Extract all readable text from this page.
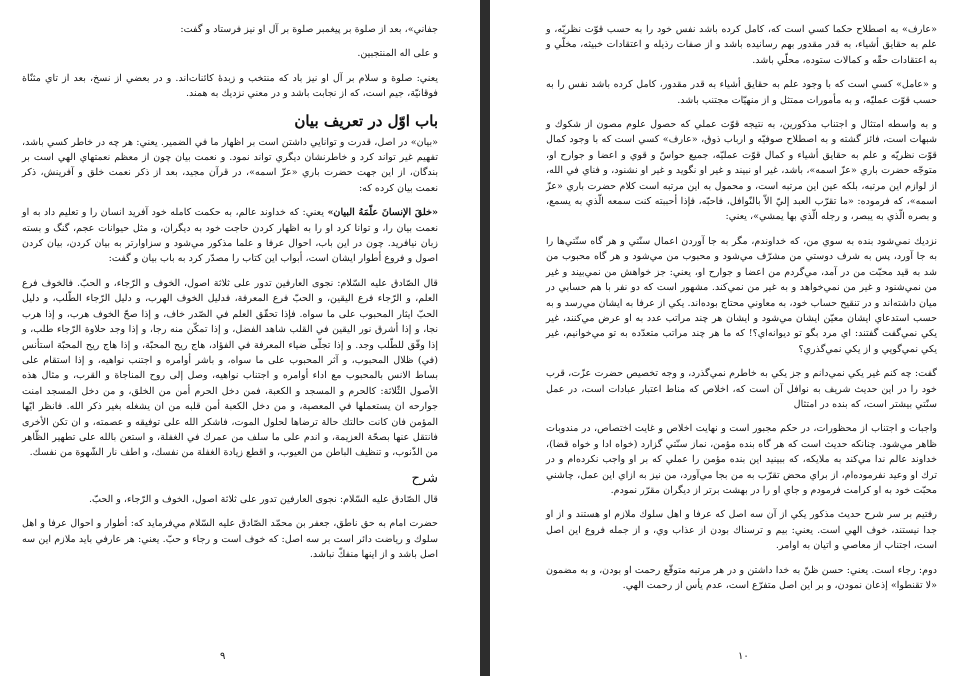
جفاني»، بعد از صلوة بر پيغمبر صلوة بر آل او نيز فرستاد و گفت:

و على اله المنتجبين.

يعني: صلوة و سلام بر آل او نيز باد كه منتخب و زبدهٔ كائنات‌اند. و در بعضي از نسخ، بعد از تاي مثنّاة فوقانيّة، جيم است، كه از نجابت باشد و در معني نزديك به همند.

باب اوّل در تعريف بيان

«بيان» در اصل، قدرت و توانايي داشتن است بر اظهار ما في الضمير. يعني: هر چه در خاطر كسي باشد، تفهيم غير تواند كرد و خاطرنشان ديگري تواند نمود. و نعمت بيان چون از معظم نعمتهاي الهي است بر بندگان، از اين جهت حضرت باري «عزّ اسمه»، در قرآن مجيد، بعد از ذكر نعمت خلق و آفرينش، ذكر نعمت بيان كرده كه:

«خلقَ الإنسانَ علّمَهُ البيان» يعني: كه خداوند عالم، به حكمت كامله خود آفريد انسان را و تعليم داد به او نعمت بيان را، و توانا كرد او را به اظهار كردن حاجت خود به ديگران، و مثل حيوانات عجم، گنگ و بسته زبان نيافريد. چون در اين باب، احوال عرفا و علما مذكور مي‌شود و سزاوارتر به بيان كردن، بيان كردن اصول و فروع أطوار ايشان است، أبواب اين كتاب را مصدّر كرد به باب بيان و گفت:

قال الصّادق عليه السّلام: نجوى العارفين تدور على ثلاثة اصول، الخوف و الرّجاء، و الحبّ. فالخوف فرع العلم، و الرّجاء فرع اليقين، و الحبّ فرع المعرفة، فدليل الخوف الهرب، و دليل الرّجاء الطّلب، و دليل الحبّ ايثار المحبوب على ما سواه. فإذا تحقّق العلم في الصّدر خاف، و إذا صحّ الخوف هرب، و إذا هرب نجا، و إذا أشرق نور اليقين في القلب شاهد الفضل، و إذا تمكّن منه رجا، و إذا وجد حلاوة الرّجاء طلب، و إذا وفّق للطّلب وجد. و إذا تجلّى ضياء المعرفة في الفؤاد، هاج ريح المحبّة، و إذا هاج ريح المحبّة استأنس (في) ظلال المحبوب، و آثر المحبوب على ما سواه، و باشر أوامره و اجتنب نواهيه، و إذا استقام على بساط الانس بالمحبوب مع اداء أوامره و اجتناب نواهيه، وصل إلى روح المناجاة و القرب، و مثال هذه الأصول الثّلاثة: كالحرم و المسجد و الكعبة، فمن دخل الحرم أمن من الخلق، و من دخل المسجد امنت جوارحه ان يستعملها في المعصية، و من دخل الكعبة أمن قلبه من ان يشغله بغير ذكر الله. فانظر ايّها المؤمن فان كانت حالتك حالة ترضاها لحلول الموت، فاشكر الله على توفيقه و عصمته، و ان تكن الأخرى فانتقل عنها بصحّة العزيمة، و اندم على ما سلف من عمرك في الغفلة، و استعن بالله على تطهير الظّاهر من الذّنوب، و تنظيف الباطن من العيوب، و اقطع زيادة الغفلة من نفسك، و اطف نار الشّهوة من نفسك.

شرح

قال الصّادق عليه السّلام: نجوى العارفين تدور على ثلاثة اصول، الخوف و الرّجاء، و الحبّ.

حضرت امام به حق ناطق، جعفر بن محمّد الصّادق عليه السّلام مي‌فرمايد كه: أطوار و احوال عرفا و اهل سلوك و رياضت دائر است بر سه اصل: كه خوف است و رجاء و حبّ. يعني: هر عارفي بايد ملازم اين سه اصل باشد و از اينها منفكّ نباشد.

۹

«عارف» به اصطلاح حكما كسي است كه، كامل كرده باشد نفس خود را به حسب قوّت نظريّه، و علم به حقايق أشياء، به قدر مقدور بهم رسانيده باشد و از صفات رذيله و اعتقادات خبيثه، مخلّي و به اعتقادات حقّه و كمالات ستوده، محلّي باشد.

و «عامل» كسي است كه با وجود علم به حقايق أشياء به قدر مقدور، كامل كرده باشد نفس را به حسب قوّت عمليّه، و به مأمورات ممتثل و از منهيّات مجتنب باشد.

و به واسطه امتثال و اجتناب مذكورين، به نتيجه قوّت عملي كه حصول علوم مصون از شكوك و شبهات است، فائز گشته و به اصطلاح صوفيّه و ارباب ذوق، «عارف» كسي است كه با وجود كمال قوّت نظريّه و علم به حقايق أشياء و كمال قوّت عمليّه، جميع حواسّ و قوي و اعضا و جوارح او، متوجّه حضرت باري «عزّ اسمه»، باشد، غير او نبيند و غير او نگويد و غير او نشنود، و فناي في الله، از لوازم اين مرتبه، بلكه عين اين مرتبه است، و محمول به اين مرتبه است كلام حضرت باري «عزّ اسمه»، كه فرموده: «ما تقرّب العبد إليّ الاّ بالنّوافل، فاحبّه، فإذا أحببته كنت سمعه الّذي به يسمع، و بصره الّذي به يبصر، و رجله الّذي بها يمشي»، يعني:

نزديك نمي‌شود بنده به سوي من، كه خداوندم، مگر به جا آوردن اعمال سنّتي و هر گاه سنّتي‌ها را به جا آورد، پس به شرف دوستي من مشرّف مي‌شود و محبوب من مي‌شود و هر گاه محبوب من شد به قيد محبّت من در آمد، مي‌گردم من اعضا و جوارح او، يعني: جز خواهش من نمي‌بيند و غير من نمي‌شنود و غير من نمي‌خواهد و به غير من نمي‌كند. مشهور است كه دو نفر با هم حسابي در ميان داشته‌اند و در تنقيح حساب خود، به معاوني محتاج بوده‌اند. يكي از عرفا به ايشان مي‌رسد و به حسب استدعاي ايشان معيّن ايشان مي‌شود و ايشان هر چند مراتب عدد به او عرض مي‌كنند، غير يكي نمي‌گفت گفتند: اي مرد بگو تو ديوانه‌اي؟! كه ما هر چند مراتب متعدّده به تو مي‌خوانيم، غير يكي نمي‌گويي و از يكي نمي‌گذري؟

گفت: چه كنم غير يكي نمي‌دانم و جز يكي به خاطرم نمي‌گذرد، و وجه تخصيص حضرت عزّت، قرب خود را در اين حديث شريف به نوافل آن است كه، اخلاص كه مناط اعتبار عبادات است، در عمل سنّتي بيشتر است، كه بنده در امتثال

واجبات و اجتناب از محظورات، در حكم مجبور است و نهايت اخلاص و غايت اختصاص، در مندوبات ظاهر مي‌شود. چنانكه حديث است كه هر گاه بنده مؤمن، نماز سنّتي گزارد (خواه ادا و خواه قضا)، خداوند عالم ندا مي‌كند به ملايكه، كه ببينيد اين بنده مؤمن را عملي كه بر او واجب نكرده‌ام و در ترك او وعيد نفرموده‌ام، از براي محض تقرّب به من بجا مي‌آورد، من نيز به ازاي اين عمل، چاشني محبّت خود به او كرامت فرمودم و جاي او را در بهشت برتر از ديگران مقرّر نمودم.

رفتيم بر سر شرح حديث مذكور يكي از آن سه اصل كه عرفا و اهل سلوك ملازم او هستند و از او جدا نيستند، خوف الهي است. يعني: بيم و ترسناك بودن از عذاب وي، و از جمله فروع اين اصل است، اجتناب از معاصي و اتيان به اوامر.

دوم: رجاء است. يعني: حسن ظنّ به خدا داشتن و در هر مرتبه متوقّع رحمت او بودن، و به مضمون «لا تقنطوا» إذعان نمودن، و بر اين اصل متفرّع است، عدم يأس از رحمت الهي.

۱۰
